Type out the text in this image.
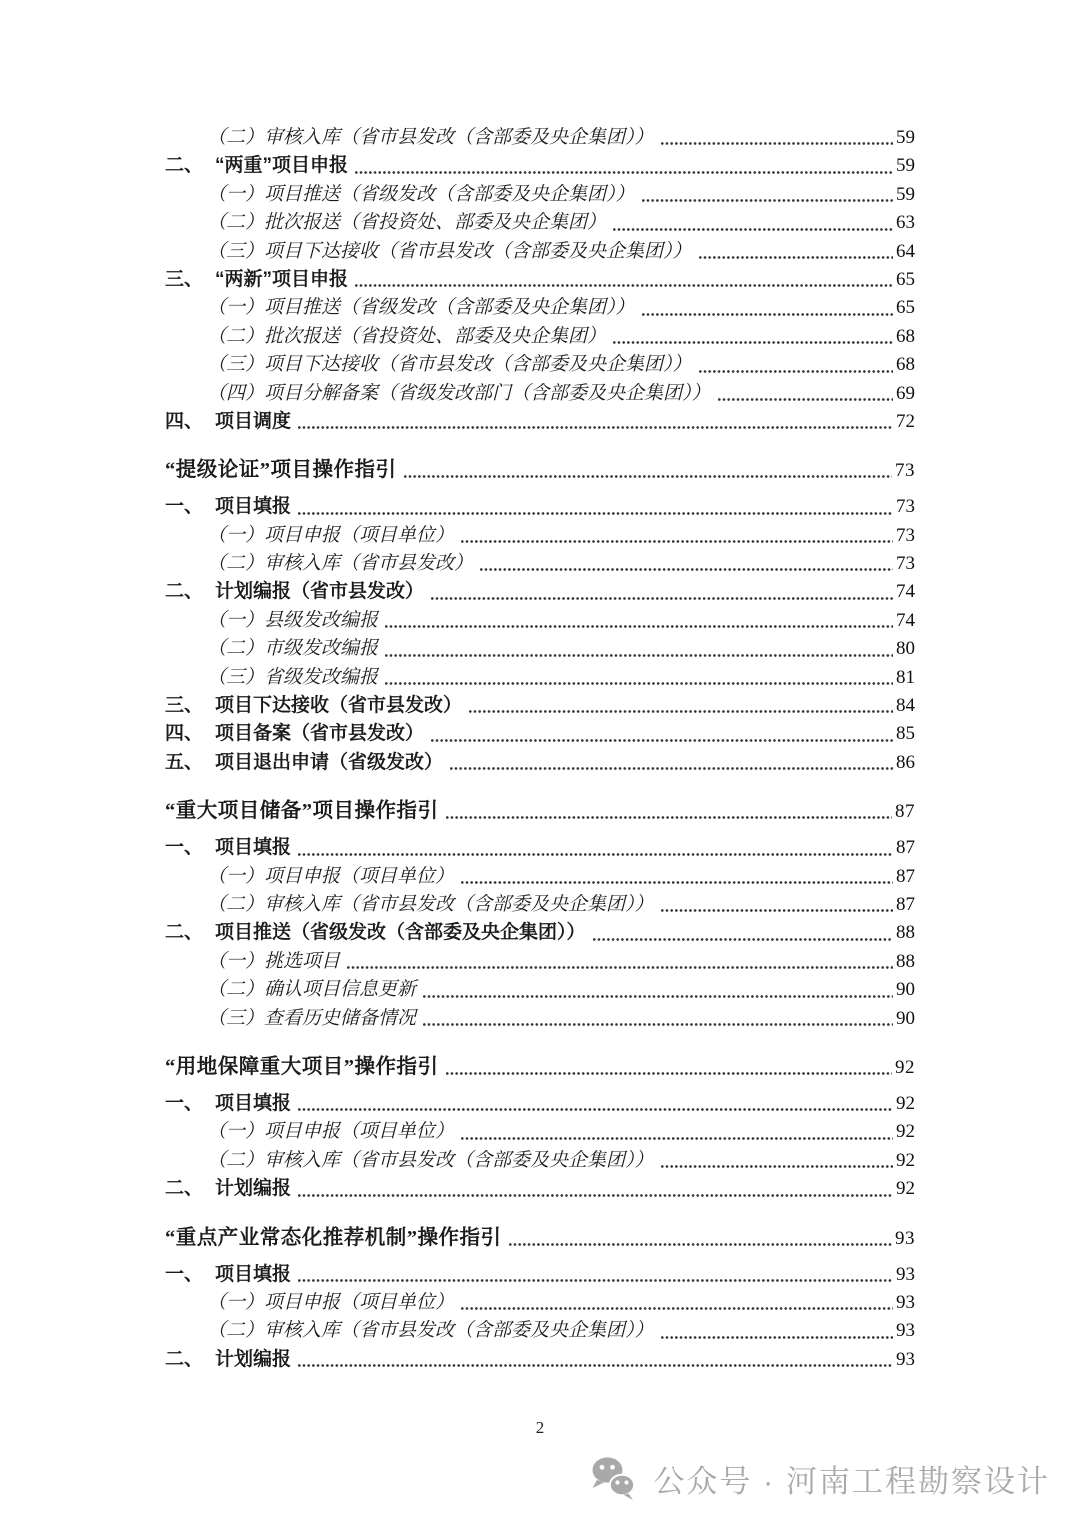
（二） 审核入库（省市县发改（含部委及央企集团））	59
二、 “两重”项目申报	59
（一） 项目推送（省级发改（含部委及央企集团））	59
（二） 批次报送（省投资处、部委及央企集团）	63
（三） 项目下达接收（省市县发改（含部委及央企集团））	64
三、 “两新”项目申报	65
（一） 项目推送（省级发改（含部委及央企集团））	65
（二） 批次报送（省投资处、部委及央企集团）	68
（三） 项目下达接收（省市县发改（含部委及央企集团））	68
（四） 项目分解备案（省级发改部门（含部委及央企集团））	69
四、 项目调度	72
“提级论证”项目操作指引	73
一、 项目填报	73
（一） 项目申报（项目单位）	73
（二） 审核入库（省市县发改）	73
二、 计划编报（省市县发改）	74
（一） 县级发改编报	74
（二） 市级发改编报	80
（三） 省级发改编报	81
三、 项目下达接收（省市县发改）	84
四、 项目备案（省市县发改）	85
五、 项目退出申请（省级发改）	86
“重大项目储备”项目操作指引	87
一、 项目填报	87
（一） 项目申报（项目单位）	87
（二） 审核入库（省市县发改（含部委及央企集团））	87
二、 项目推送（省级发改（含部委及央企集团））	88
（一） 挑选项目	88
（二） 确认项目信息更新	90
（三） 查看历史储备情况	90
“用地保障重大项目”操作指引	92
一、 项目填报	92
（一） 项目申报（项目单位）	92
（二） 审核入库（省市县发改（含部委及央企集团））	92
二、 计划编报	92
“重点产业常态化推荐机制”操作指引	93
一、 项目填报	93
（一） 项目申报（项目单位）	93
（二） 审核入库（省市县发改（含部委及央企集团））	93
二、 计划编报	93
2
公众号 · 河南工程勘察设计
